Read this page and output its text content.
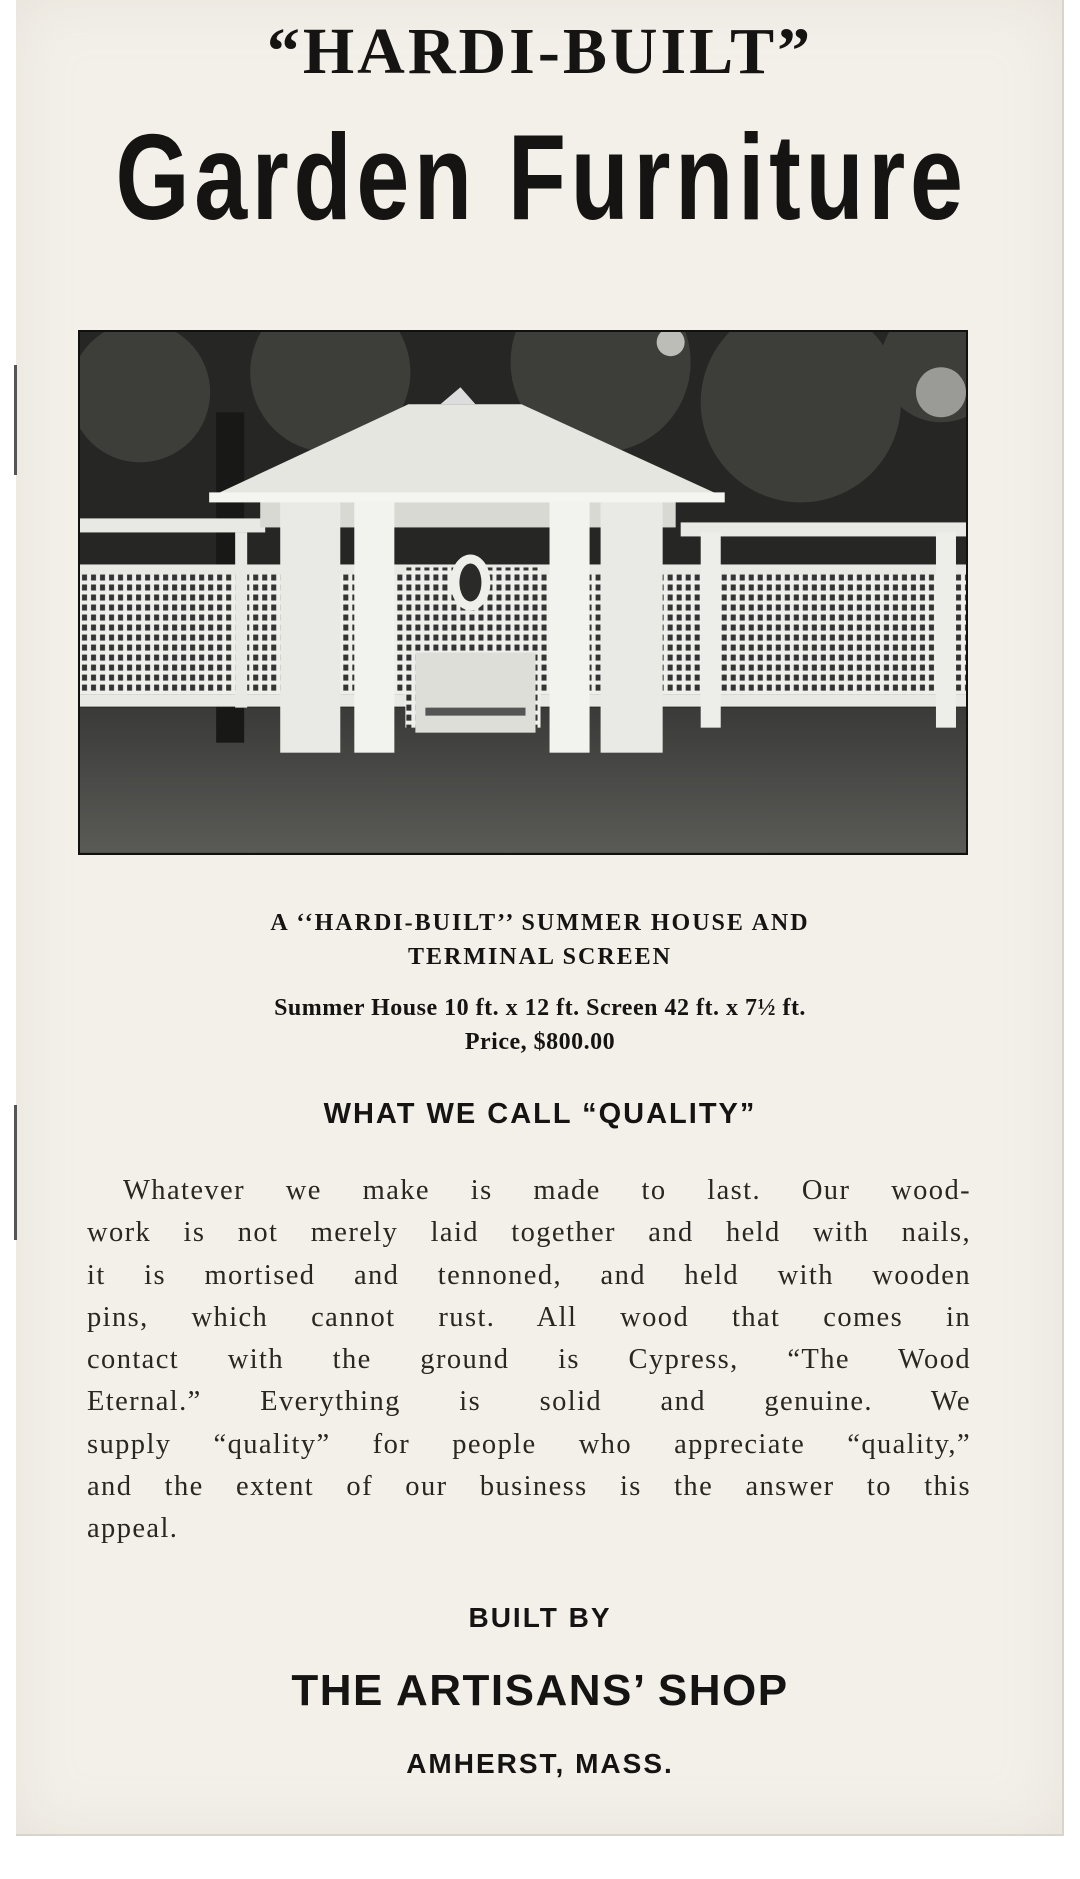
“HARDI-BUILT”
Garden Furniture
A ‘‘HARDI-BUILT’’ SUMMER HOUSE AND
TERMINAL SCREEN
Summer House 10 ft. x 12 ft. Screen 42 ft. x 7½ ft.
Price, $800.00
WHAT WE CALL “QUALITY”
Whatever we make is made to last. Our wood-
work is not merely laid together and held with nails,
it is mortised and tennoned, and held with wooden
pins, which cannot rust. All wood that comes in
contact with the ground is Cypress, “The Wood
Eternal.” Everything is solid and genuine. We
supply “quality” for people who appreciate “quality,”
and the extent of our business is the answer to this
appeal.
BUILT BY
THE ARTISANS’ SHOP
AMHERST, MASS.
